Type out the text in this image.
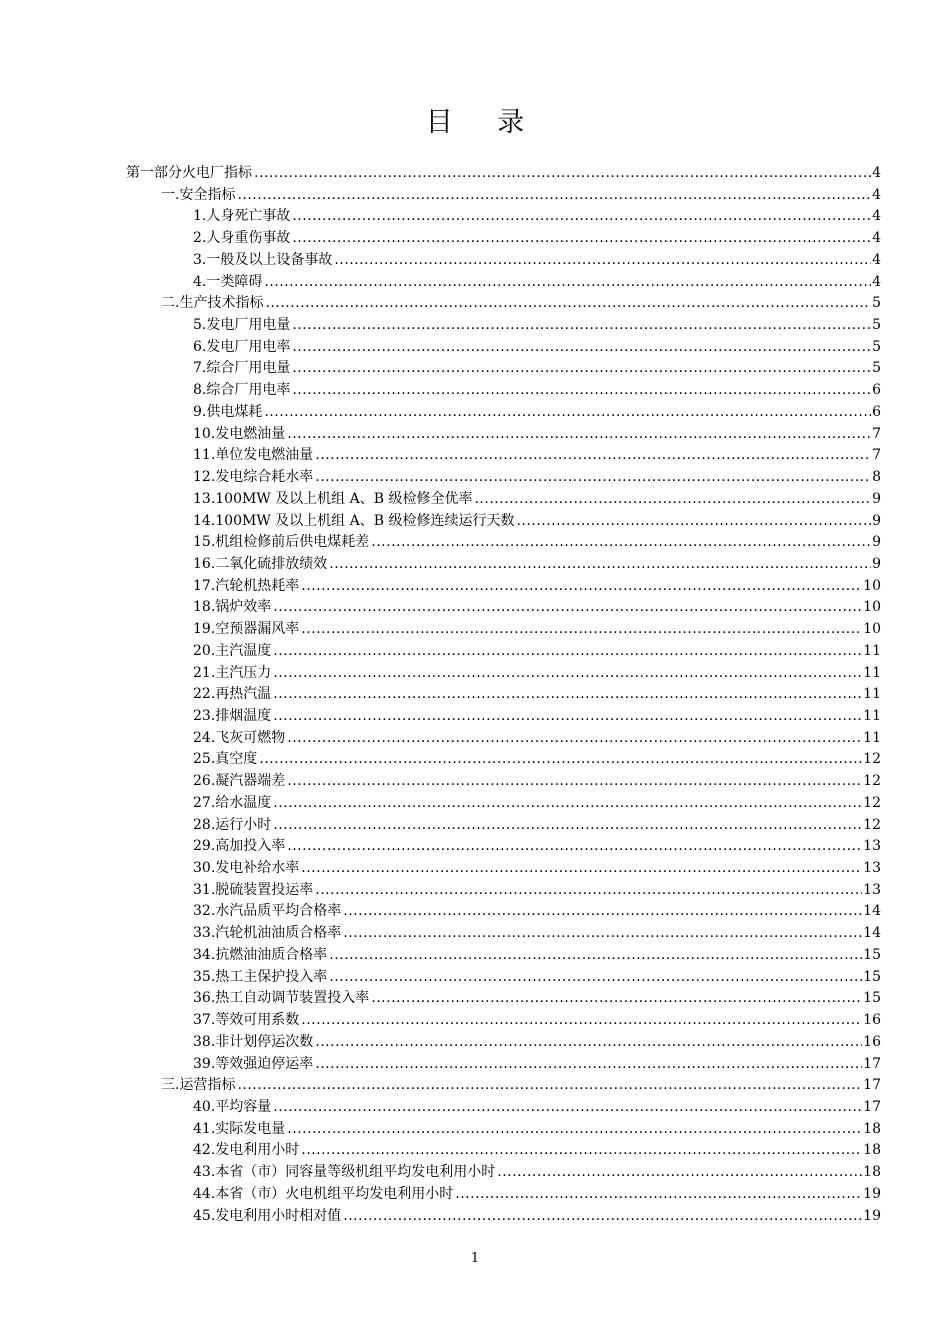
目 录
第一部分 火电厂指标 .....	4
一. 安全指标 .....	4
1. 人身死亡事故 .....	4
2. 人身重伤事故 .....	4
3. 一般及以上设备事故 .....	4
4. 一类障碍 .....	4
二. 生产技术指标 .....	5
5. 发电厂用电量 .....	5
6. 发电厂用电率 .....	5
7. 综合厂用电量 .....	5
8. 综合厂用电率 .....	6
9. 供电煤耗 .....	6
10. 发电燃油量 .....	7
11. 单位发电燃油量 .....	7
12. 发电综合耗水率 .....	8
13. 100MW 及以上机组 A、B 级检修全优率 .....	9
14. 100MW 及以上机组 A、B 级检修连续运行天数 .....	9
15. 机组检修前后供电煤耗差 .....	9
16. 二氧化硫排放绩效 .....	9
17. 汽轮机热耗率 .....	10
18. 锅炉效率 .....	10
19. 空预器漏风率 .....	10
20. 主汽温度 .....	11
21. 主汽压力 .....	11
22. 再热汽温 .....	11
23. 排烟温度 .....	11
24. 飞灰可燃物 .....	11
25. 真空度 .....	12
26. 凝汽器端差 .....	12
27. 给水温度 .....	12
28. 运行小时 .....	12
29. 高加投入率 .....	13
30. 发电补给水率 .....	13
31. 脱硫装置投运率 .....	13
32. 水汽品质平均合格率 .....	14
33. 汽轮机油油质合格率 .....	14
34. 抗燃油油质合格率 .....	15
35. 热工主保护投入率 .....	15
36. 热工自动调节装置投入率 .....	15
37. 等效可用系数 .....	16
38. 非计划停运次数 .....	16
39. 等效强迫停运率 .....	17
三. 运营指标 .....	17
40. 平均容量 .....	17
41. 实际发电量 .....	18
42. 发电利用小时 .....	18
43. 本省（市）同容量等级机组平均发电利用小时 .....	18
44. 本省（市）火电机组平均发电利用小时 .....	19
45. 发电利用小时相对值 .....	19
1
